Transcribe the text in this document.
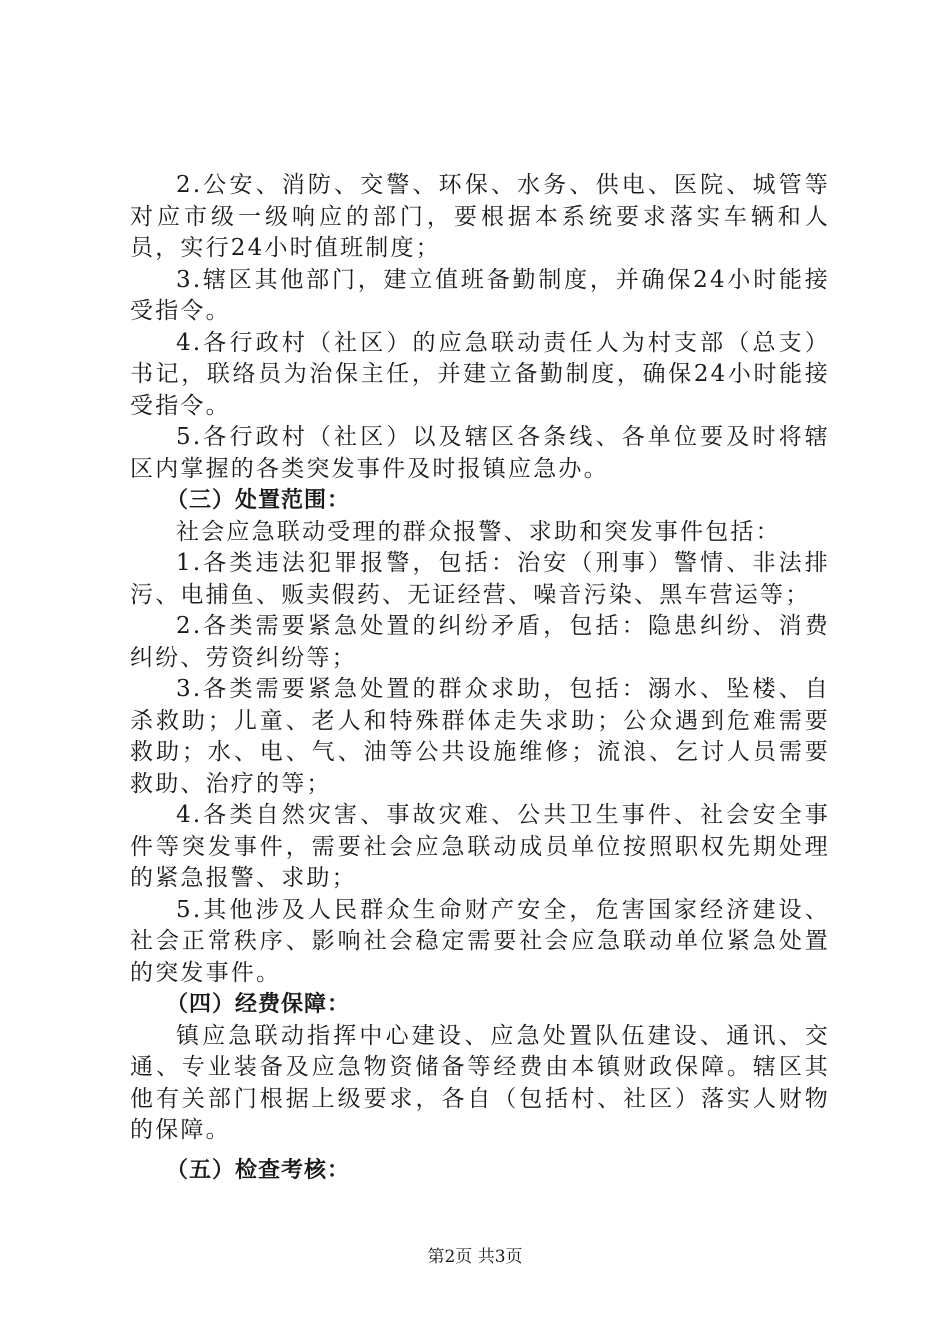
2.公安、消防、交警、环保、水务、供电、医院、城管等对应市级一级响应的部门，要根据本系统要求落实车辆和人员，实行24小时值班制度；

3.辖区其他部门，建立值班备勤制度，并确保24小时能接受指令。

4.各行政村（社区）的应急联动责任人为村支部（总支）书记，联络员为治保主任，并建立备勤制度，确保24小时能接受指令。

5.各行政村（社区）以及辖区各条线、各单位要及时将辖区内掌握的各类突发事件及时报镇应急办。

（三）处置范围：

社会应急联动受理的群众报警、求助和突发事件包括：

1.各类违法犯罪报警，包括：治安（刑事）警情、非法排污、电捕鱼、贩卖假药、无证经营、噪音污染、黑车营运等；

2.各类需要紧急处置的纠纷矛盾，包括：隐患纠纷、消费纠纷、劳资纠纷等；

3.各类需要紧急处置的群众求助，包括：溺水、坠楼、自杀救助；儿童、老人和特殊群体走失求助；公众遇到危难需要救助；水、电、气、油等公共设施维修；流浪、乞讨人员需要救助、治疗的等；

4.各类自然灾害、事故灾难、公共卫生事件、社会安全事件等突发事件，需要社会应急联动成员单位按照职权先期处理的紧急报警、求助；

5.其他涉及人民群众生命财产安全，危害国家经济建设、社会正常秩序、影响社会稳定需要社会应急联动单位紧急处置的突发事件。

（四）经费保障：

镇应急联动指挥中心建设、应急处置队伍建设、通讯、交通、专业装备及应急物资储备等经费由本镇财政保障。辖区其他有关部门根据上级要求，各自（包括村、社区）落实人财物的保障。

（五）检查考核：

第2页 共3页
